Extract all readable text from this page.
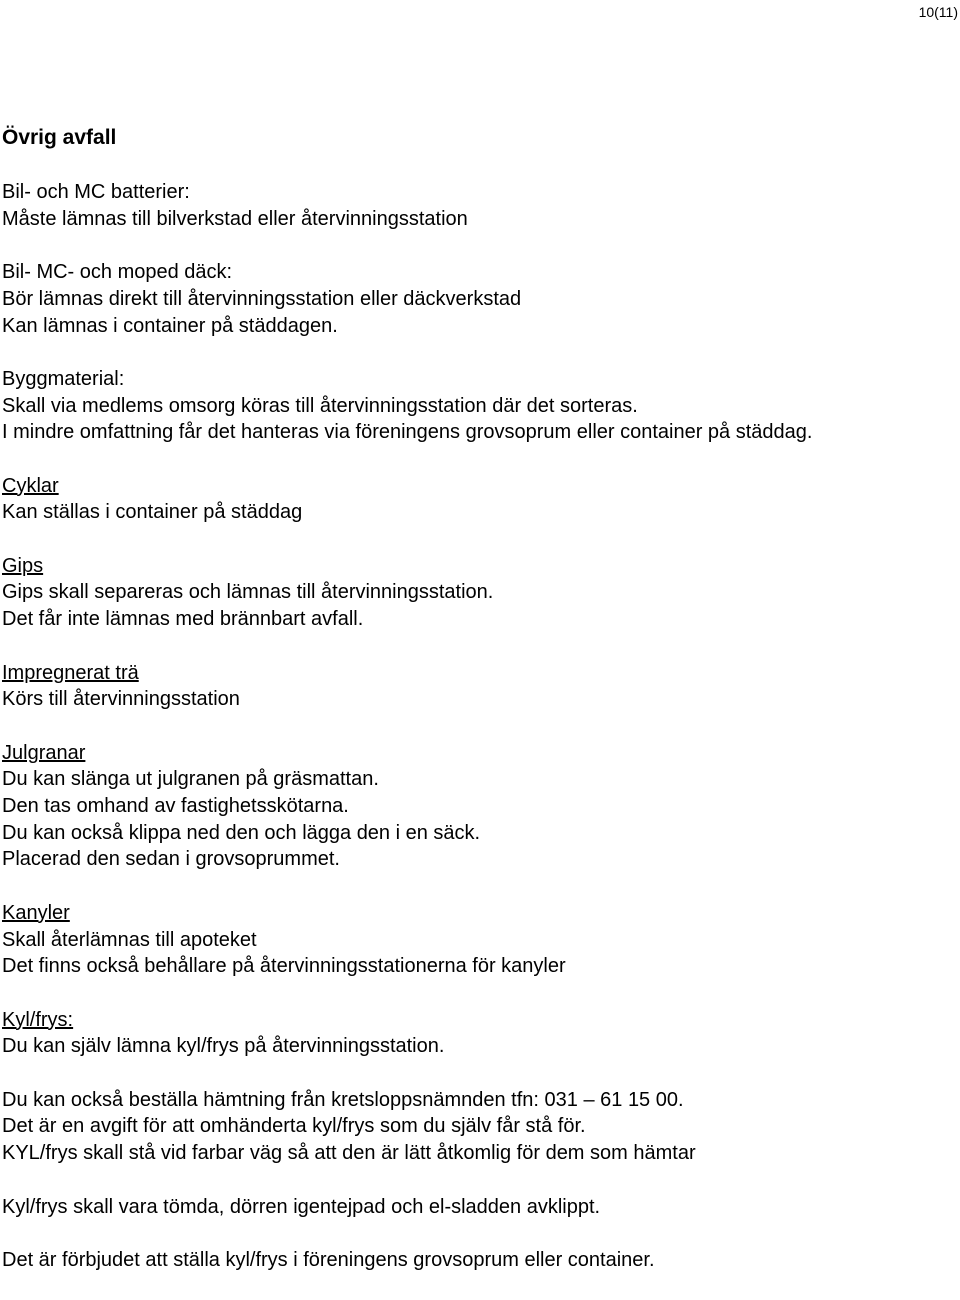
10(11)
Övrig avfall
Bil- och MC batterier:
Måste lämnas till bilverkstad eller återvinningsstation
Bil- MC- och moped däck:
Bör lämnas direkt till återvinningsstation eller däckverkstad
Kan lämnas i container på städdagen.
Byggmaterial:
Skall via medlems omsorg köras till återvinningsstation där det sorteras.
I mindre omfattning får det hanteras via föreningens grovsoprum eller container på städdag.
Cyklar
Kan ställas i container på städdag
Gips
Gips skall separeras och lämnas till återvinningsstation.
Det får inte lämnas med brännbart avfall.
Impregnerat trä
Körs till återvinningsstation
Julgranar
Du kan slänga ut julgranen på gräsmattan.
Den tas omhand av fastighetsskötarna.
Du kan också klippa ned den och lägga den i en säck.
Placerad den sedan i grovsoprummet.
Kanyler
Skall återlämnas till apoteket
Det finns också behållare på återvinningsstationerna för kanyler
Kyl/frys:
Du kan själv lämna kyl/frys på återvinningsstation.
Du kan också beställa hämtning från kretsloppsnämnden tfn: 031 – 61 15 00.
Det är en avgift för att omhänderta kyl/frys som du själv får stå för.
KYL/frys skall stå vid farbar väg så att den är lätt åtkomlig för dem som hämtar
Kyl/frys skall vara tömda, dörren igentejpad och el-sladden avklippt.
Det är förbjudet att ställa kyl/frys i föreningens grovsoprum eller container.
